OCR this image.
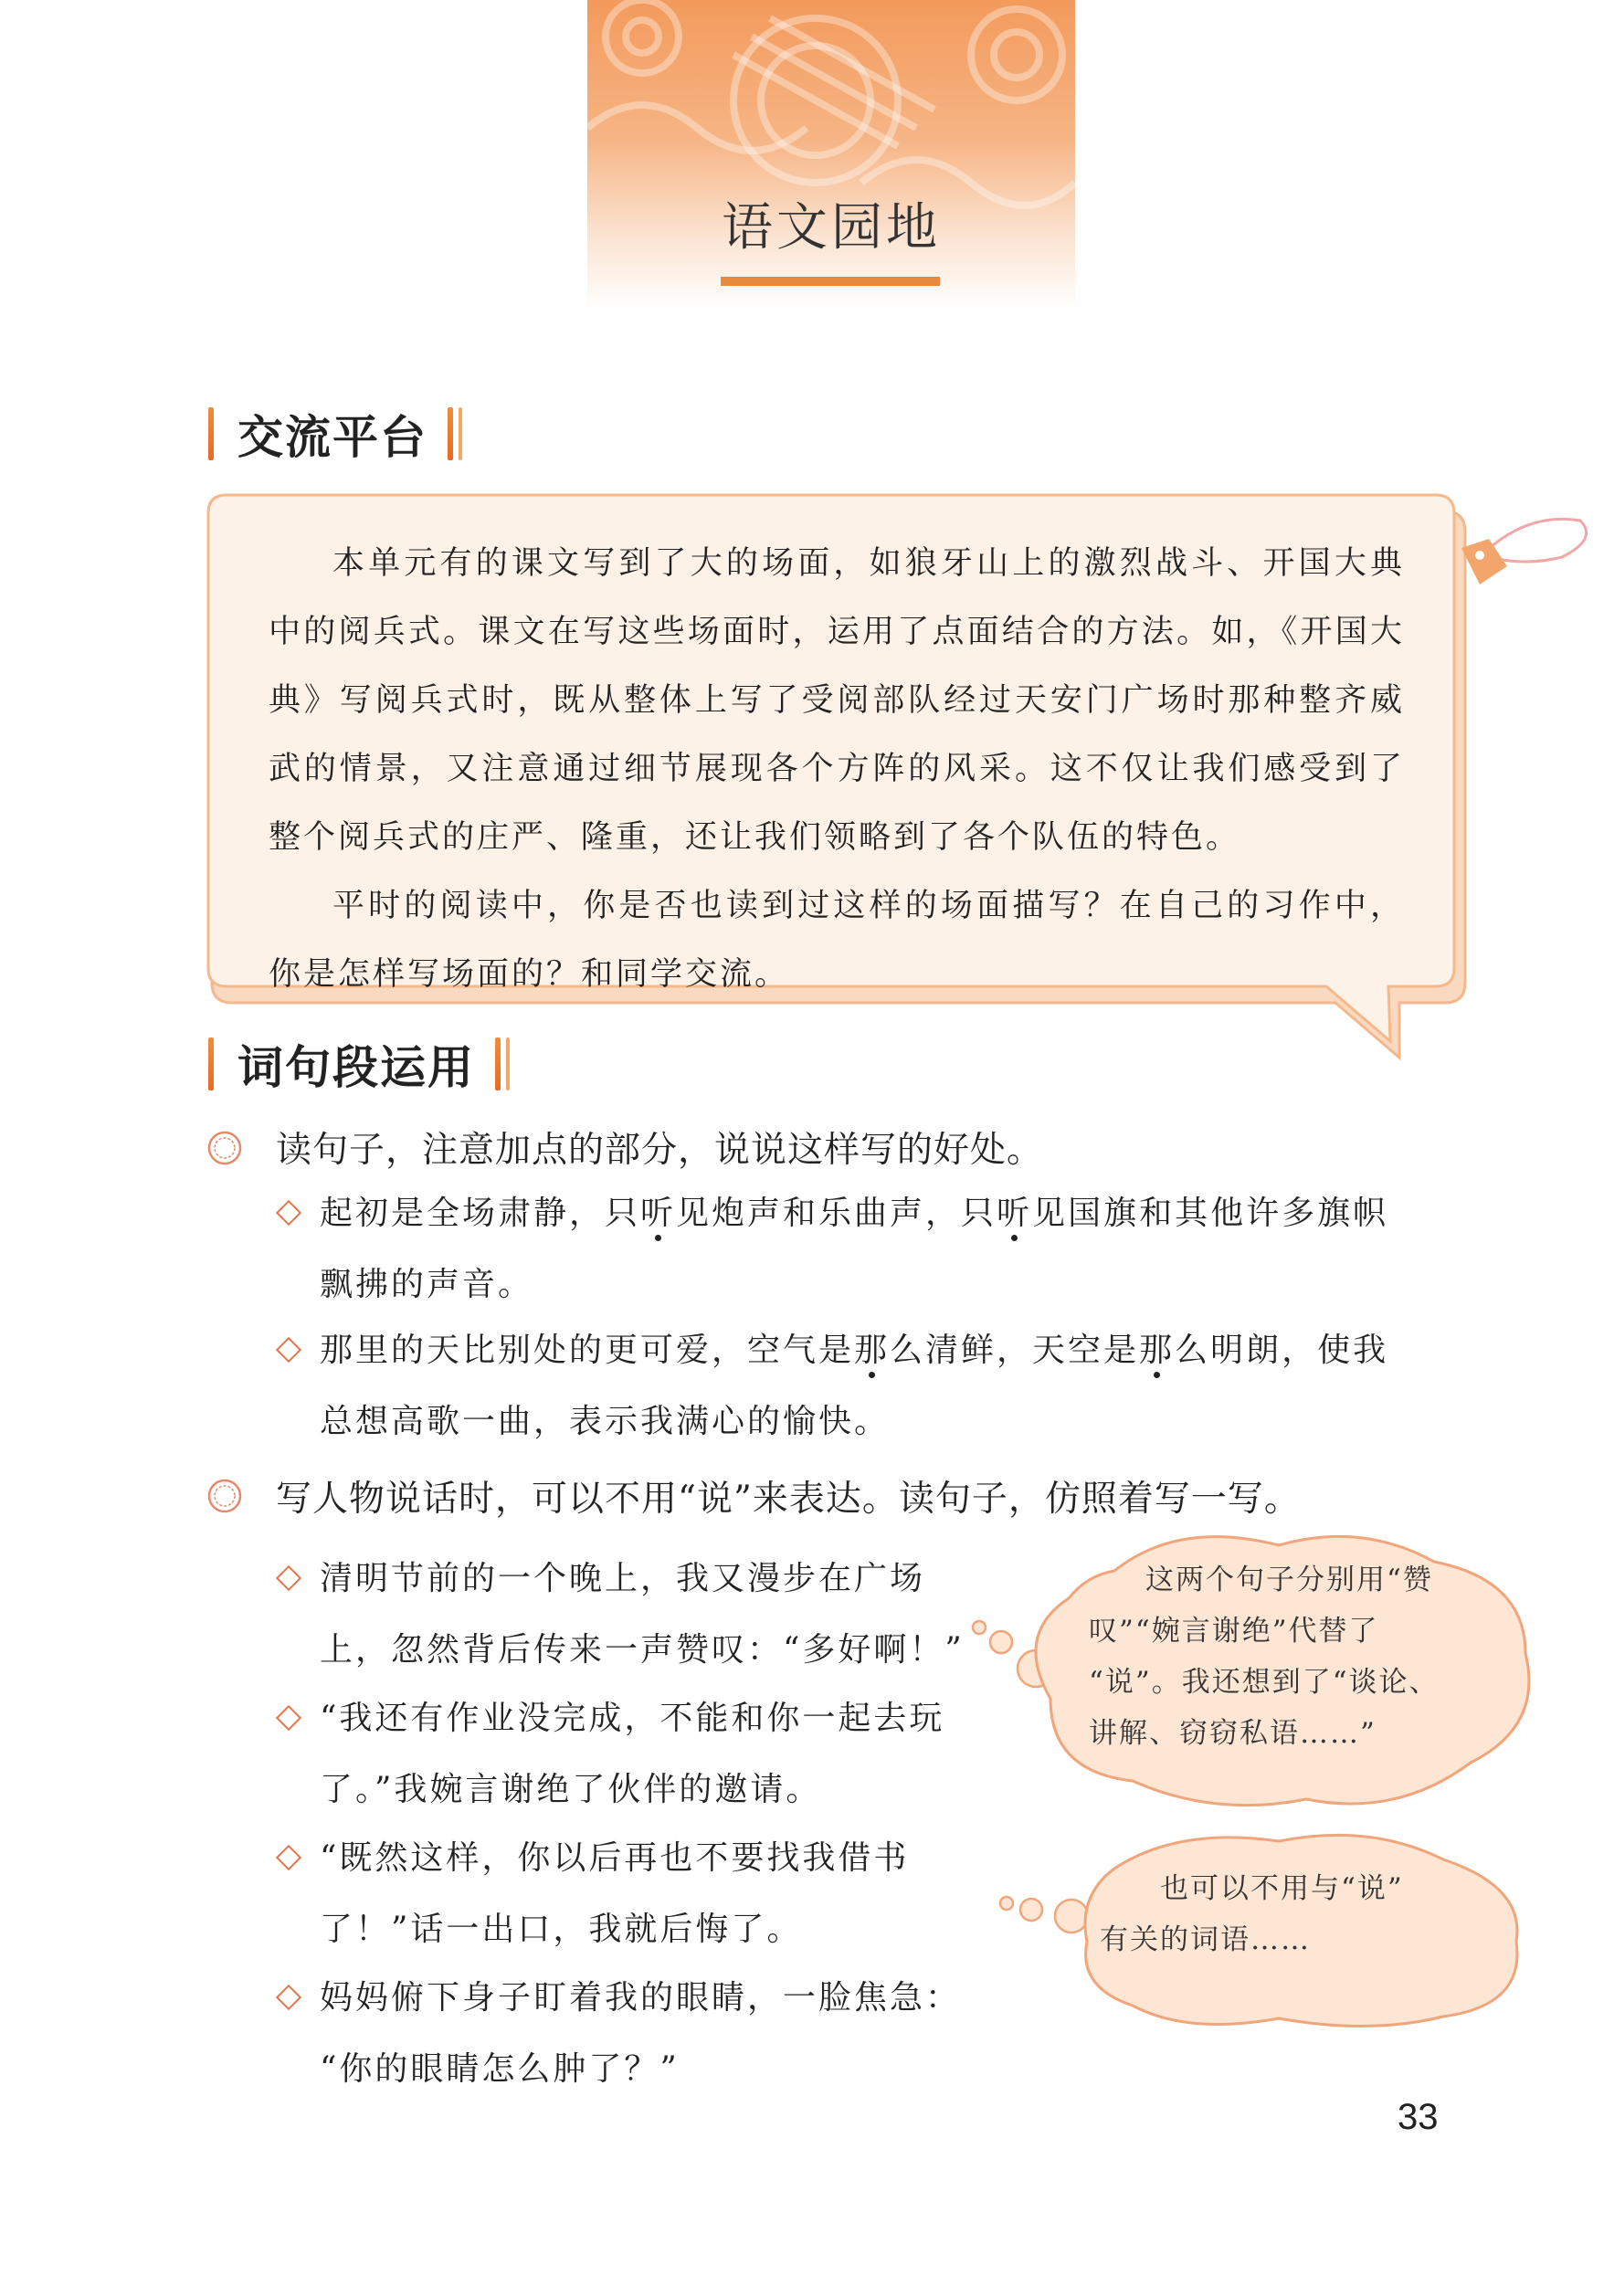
语文园地
交流平台

本单元有的课文写到了大的场面，如狼牙山上的激烈战斗、开国大典中的阅兵式。课文在写这些场面时，运用了点面结合的方法。如，《开国大典》写阅兵式时，既从整体上写了受阅部队经过天安门广场时那种整齐威武的情景，又注意通过细节展现各个方阵的风采。这不仅让我们感受到了整个阅兵式的庄严、隆重，还让我们领略到了各个队伍的特色。

平时的阅读中，你是否也读到过这样的场面描写？在自己的习作中，你是怎样写场面的？和同学交流。

词句段运用
读句子，注意加点的部分，说说这样写的好处。
起初是全场肃静，只听见炮声和乐曲声，只听见国旗和其他许多旗帜
飘拂的声音。
那里的天比别处的更可爱，空气是那么清鲜，天空是那么明朗，使我
总想高歌一曲，表示我满心的愉快。
写人物说话时，可以不用“说”来表达。读句子，仿照着写一写。
清明节前的一个晚上，我又漫步在广场
上，忽然背后传来一声赞叹：“多好啊！”
“我还有作业没完成，不能和你一起去玩
了。”我婉言谢绝了伙伴的邀请。
“既然这样，你以后再也不要找我借书
了！”话一出口，我就后悔了。
妈妈俯下身子盯着我的眼睛，一脸焦急：
“你的眼睛怎么肿了？”
这两个句子分别用“赞
叹”“婉言谢绝”代替了
“说”。我还想到了“谈论、
讲解、窃窃私语……”
也可以不用与“说”
有关的词语……
33
